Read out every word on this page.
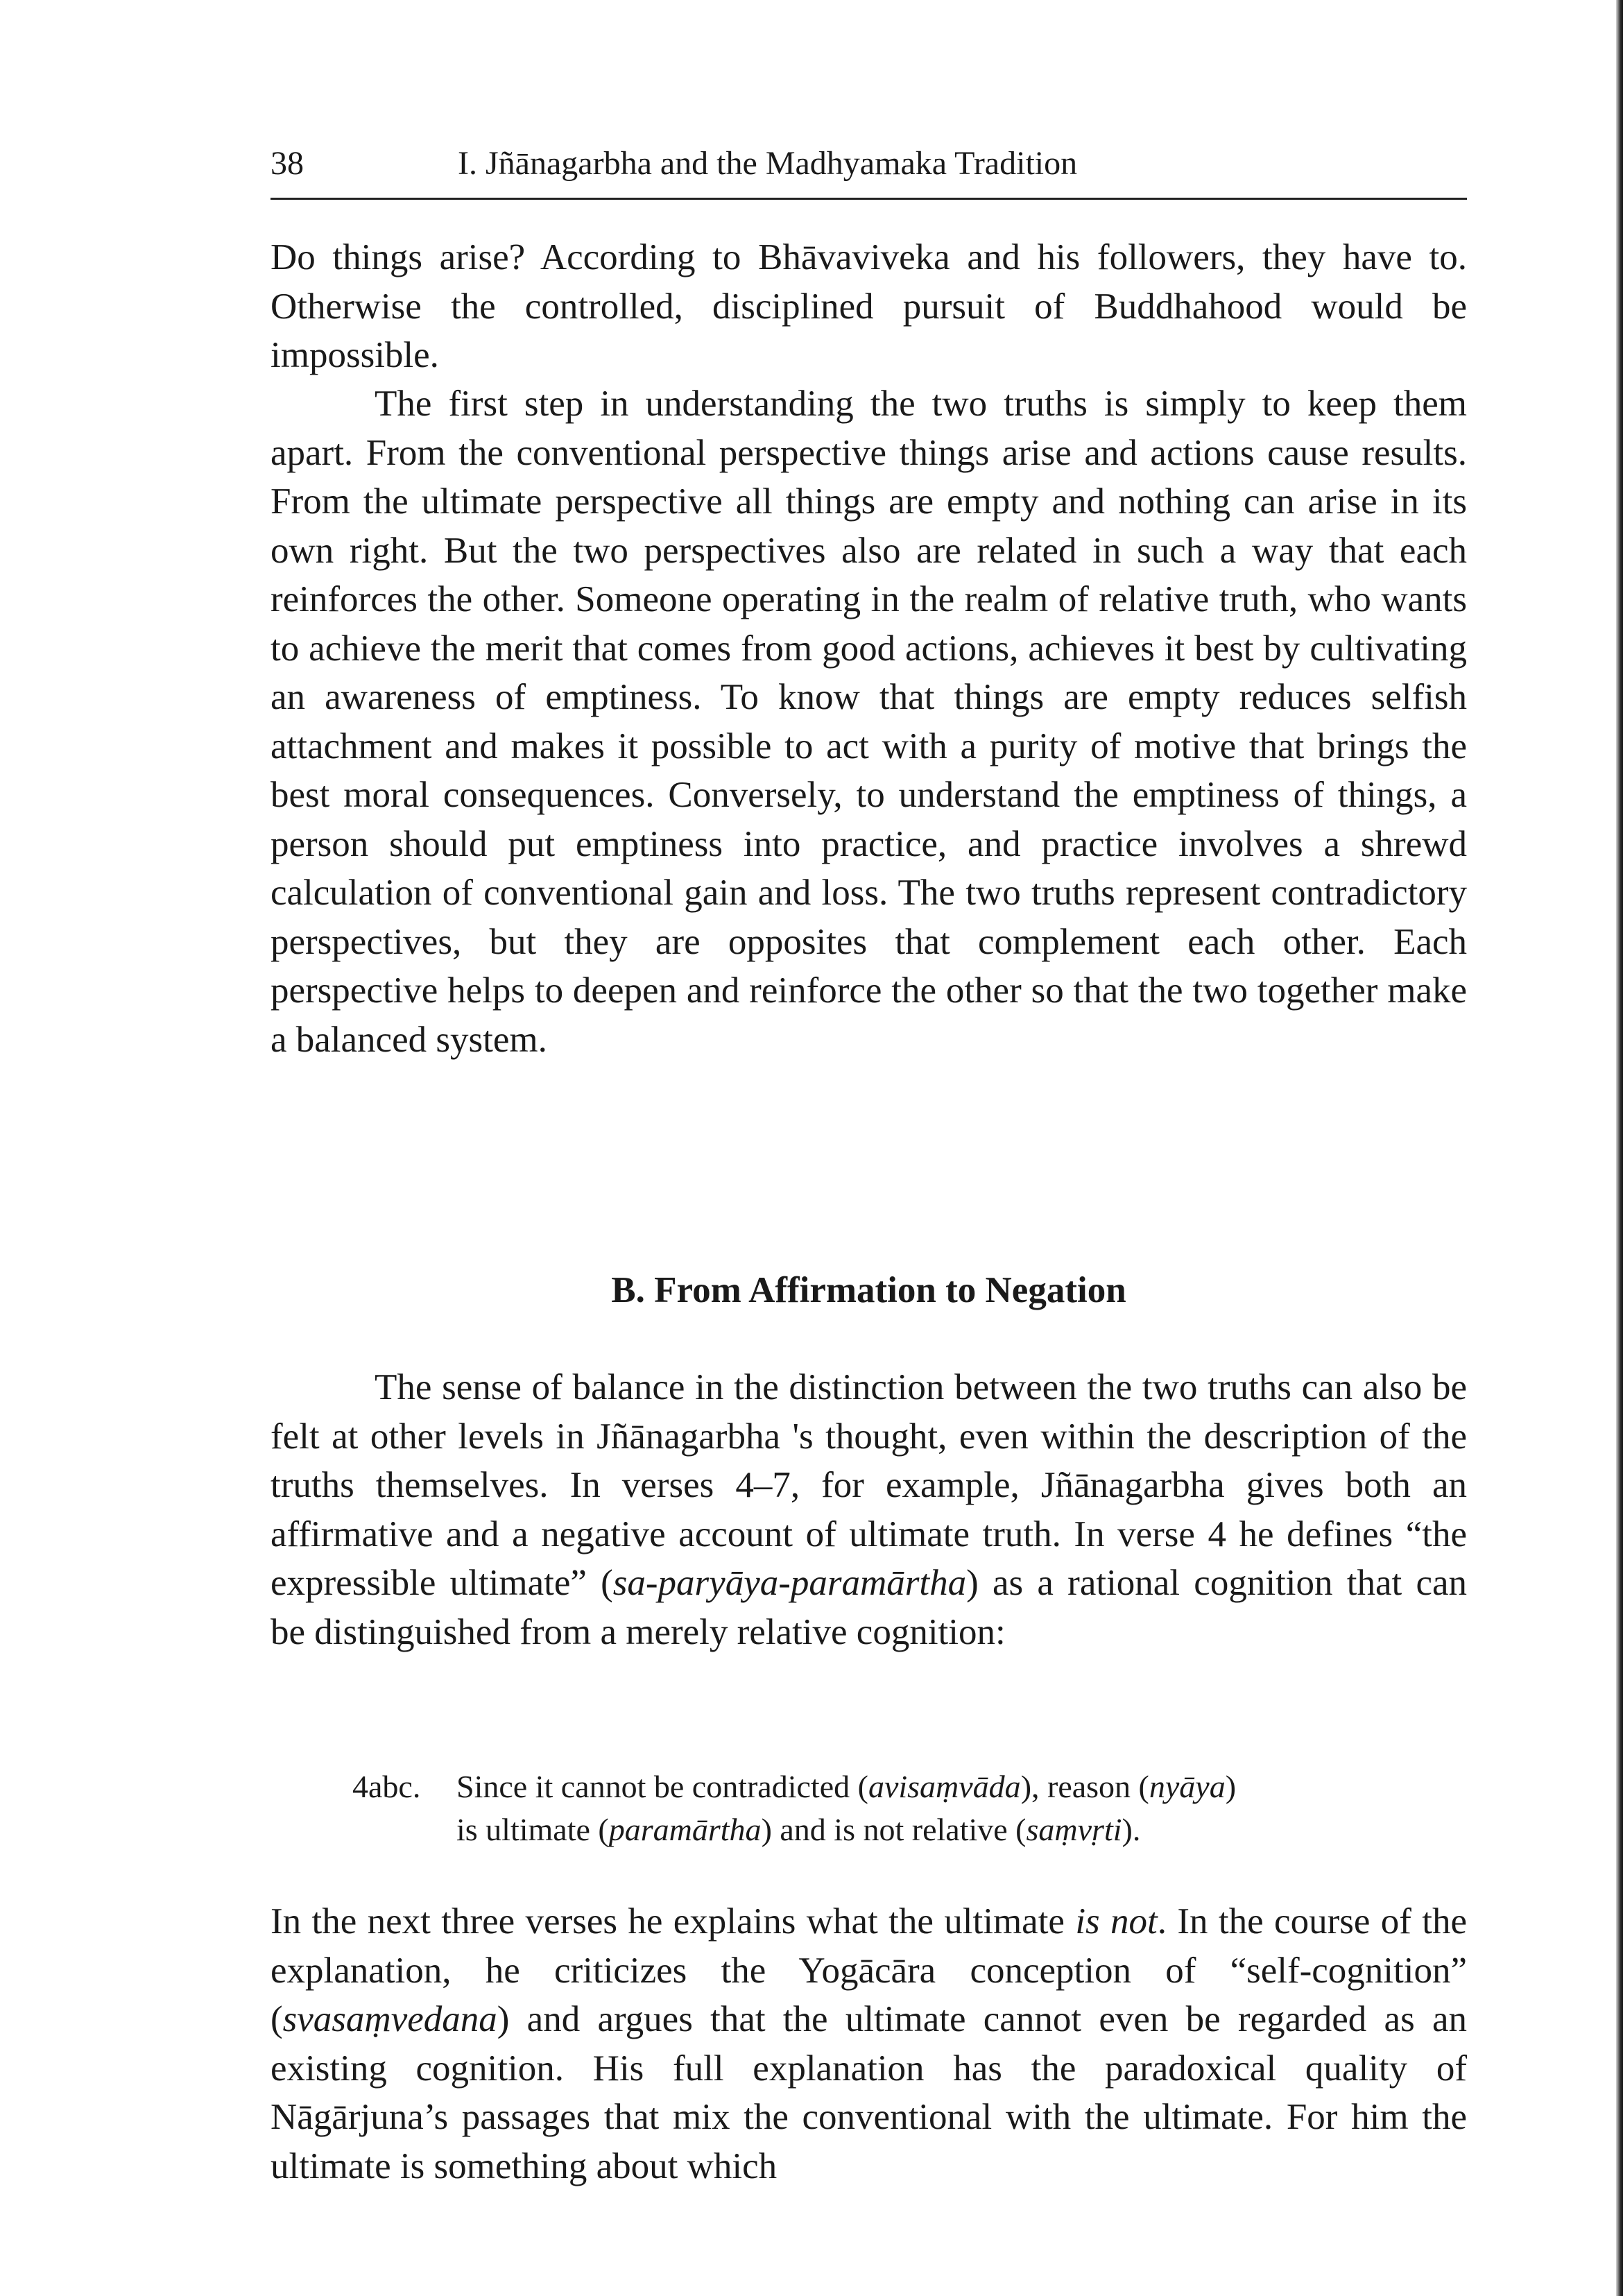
38	I. Jñānagarbha and the Madhyamaka Tradition

Do things arise? According to Bhāvaviveka and his followers, they have to. Otherwise the controlled, disciplined pursuit of Buddhahood would be impossible.

The first step in understanding the two truths is simply to keep them apart. From the conventional perspective things arise and actions cause results. From the ultimate perspective all things are empty and nothing can arise in its own right. But the two perspectives also are related in such a way that each reinforces the other. Someone operating in the realm of relative truth, who wants to achieve the merit that comes from good actions, achieves it best by cultivating an awareness of emptiness. To know that things are empty reduces selfish attachment and makes it possible to act with a purity of motive that brings the best moral consequences. Conversely, to understand the emptiness of things, a person should put emptiness into practice, and practice involves a shrewd calculation of conventional gain and loss. The two truths represent contradictory perspectives, but they are opposites that complement each other. Each perspective helps to deepen and reinforce the other so that the two together make a balanced system.

B. From Affirmation to Negation

The sense of balance in the distinction between the two truths can also be felt at other levels in Jñānagarbha 's thought, even within the description of the truths themselves. In verses 4–7, for example, Jñānagarbha gives both an affirmative and a negative account of ultimate truth. In verse 4 he defines “the expressible ultimate” (sa-paryāya-paramārtha) as a rational cognition that can be distinguished from a merely relative cognition:

4abc. Since it cannot be contradicted (avisaṃvāda), reason (nyāya)
is ultimate (paramārtha) and is not relative (saṃvṛti).

In the next three verses he explains what the ultimate is not. In the course of the explanation, he criticizes the Yogācāra conception of “self-cognition” (svasaṃvedana) and argues that the ultimate cannot even be regarded as an existing cognition. His full explanation has the paradoxical quality of Nāgārjuna’s passages that mix the conventional with the ultimate. For him the ultimate is something about which
